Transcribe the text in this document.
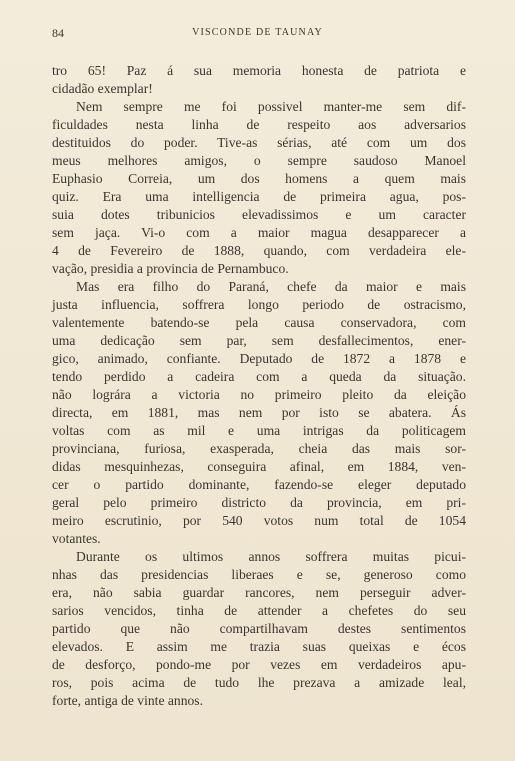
84	VISCONDE DE TAUNAY
tro 65! Paz á sua memoria honesta de patriota e
cidadão exemplar!
Nem sempre me foi possivel manter-me sem dif-
ficuldades nesta linha de respeito aos adversarios
destituidos do poder. Tive-as sérias, até com um dos
meus melhores amigos, o sempre saudoso Manoel
Euphasio Correia, um dos homens a quem mais
quiz. Era uma intelligencia de primeira agua, pos-
suia dotes tribunicios elevadissimos e um caracter
sem jaça. Vi-o com a maior magua desapparecer a
4 de Fevereiro de 1888, quando, com verdadeira ele-
vação, presidia a provincia de Pernambuco.
Mas era filho do Paraná, chefe da maior e mais
justa influencia, soffrera longo periodo de ostracismo,
valentemente batendo-se pela causa conservadora, com
uma dedicação sem par, sem desfallecimentos, ener-
gico, animado, confiante. Deputado de 1872 a 1878 e
tendo perdido a cadeira com a queda da situação.
não lográra a victoria no primeiro pleito da eleição
directa, em 1881, mas nem por isto se abatera. Ás
voltas com as mil e uma intrigas da politicagem
provinciana, furiosa, exasperada, cheia das mais sor-
didas mesquinhezas, conseguira afinal, em 1884, ven-
cer o partido dominante, fazendo-se eleger deputado
geral pelo primeiro districto da provincia, em pri-
meiro escrutinio, por 540 votos num total de 1054
votantes.
Durante os ultimos annos soffrera muitas picui-
nhas das presidencias liberaes e se, generoso como
era, não sabia guardar rancores, nem perseguir adver-
sarios vencidos, tinha de attender a chefetes do seu
partido que não compartilhavam destes sentimentos
elevados. E assim me trazia suas queixas e écos
de desforço, pondo-me por vezes em verdadeiros apu-
ros, pois acima de tudo lhe prezava a amizade leal,
forte, antiga de vinte annos.
